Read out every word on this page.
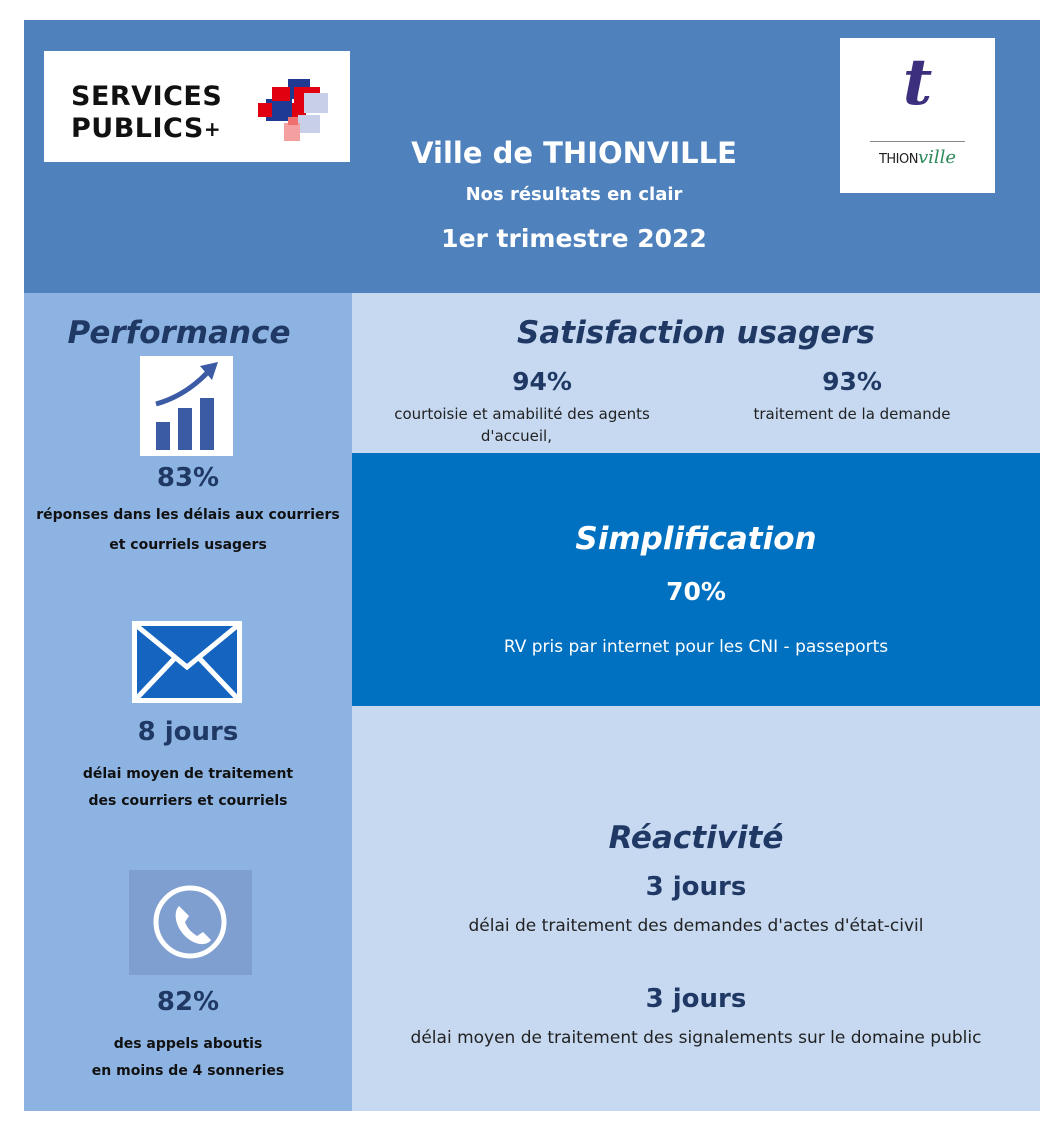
SERVICES
PUBLICS+
Ville de THIONVILLE
Nos résultats en clair
1er trimestre 2022
t
THIONville
Performance
83%
réponses dans les délais aux courriers
et courriels usagers
8 jours
délai moyen de traitement
des courriers et courriels
82%
des appels aboutis
en moins de 4 sonneries
Satisfaction usagers
94%
courtoisie et amabilité des agents
d'accueil,
93%
traitement de la demande
Simplification
70%
RV pris par internet pour les CNI - passeports
Réactivité
3 jours
délai de traitement des demandes d'actes d'état-civil
3 jours
délai moyen de traitement des signalements sur le domaine public
